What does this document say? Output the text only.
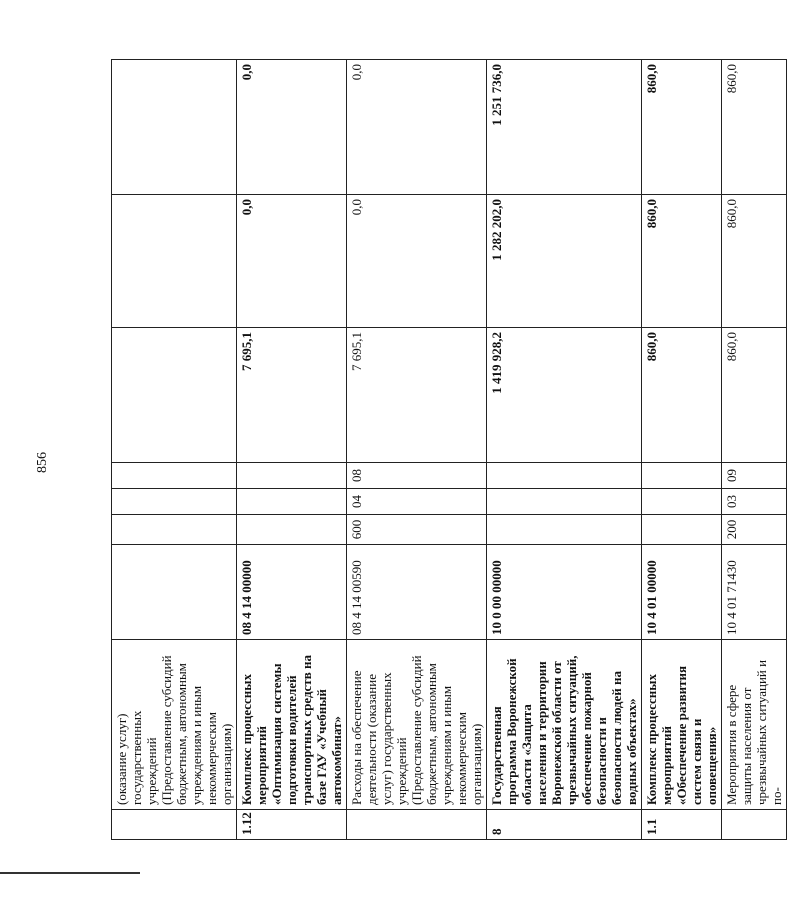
856
	(оказание услуг) государственных учреждений (Предоставление субсидий бюджетным, автономным учреждениям и иным некоммерческим организациям)							
1.12	Комплекс процессных мероприятий «Оптимизация системы подготовки водителей транспортных средств на базе ГАУ «Учебный автокомбинат»	08 4 14 00000				7 695,1	0,0	0,0
	Расходы на обеспечение деятельности (оказание услуг) государственных учреждений (Предоставление субсидий бюджетным, автономным учреждениям и иным некоммерческим организациям)	08 4 14 00590	600	04	08	7 695,1	0,0	0,0
8	Государственная программа Воронежской области «Защита населения и территории Воронежской области от чрезвычайных ситуаций, обеспечение пожарной безопасности и безопасности людей на водных объектах»	10 0 00 00000				1 419 928,2	1 282 202,0	1 251 736,0
1.1	Комплекс процессных мероприятий «Обеспечение развития систем связи и оповещения»	10 4 01 00000				860,0	860,0	860,0
	Мероприятия в сфере защиты населения от чрезвычайных ситуаций и по-	10 4 01 71430	200	03	09	860,0	860,0	860,0
